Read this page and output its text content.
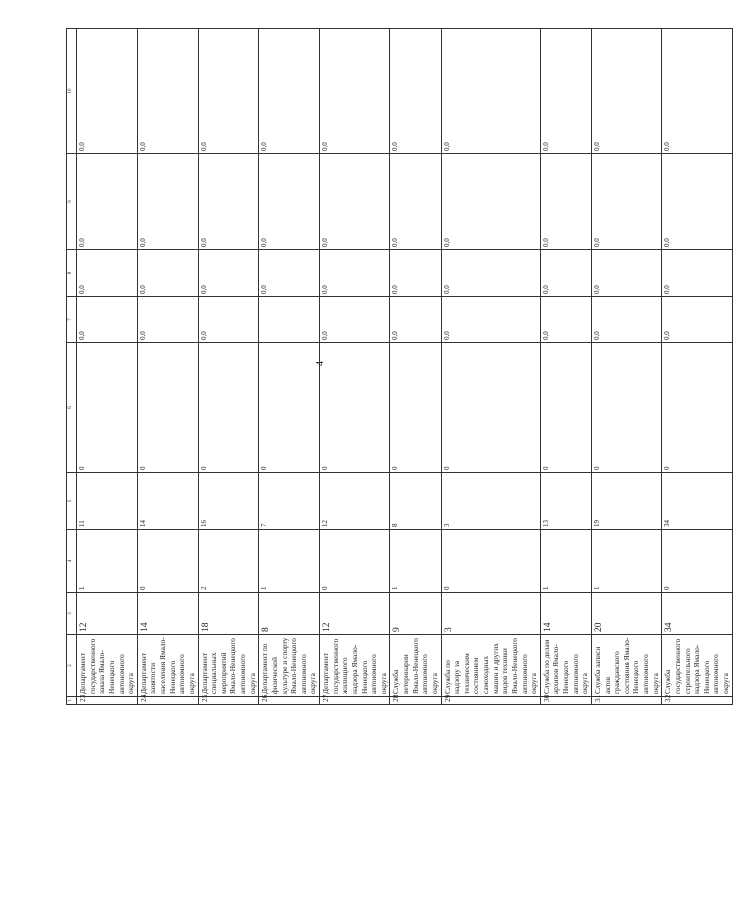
4
1	2	3	4	5	6	7	8	9	10
23	Департамент государственного заказа Ямало-Ненецкого автономного округа	12	1	11	0	0,0	0,0	0,0	0,0
24	Департамент занятости населения Ямало-Ненецкого автономного округа	14	0	14	0	0,0	0,0	0,0	0,0
25	Департамент специальных мероприятий Ямало-Ненецкого автономного округа	18	2	16	0	0,0	0,0	0,0	0,0
26	Департамент по физической культуре и спорту Ямало-Ненецкого автономного округа	8	1	7	0		0,0	0,0	0,0
27	Департамент государственного жилищного надзора Ямало-Ненецкого автономного округа	12	0	12	0	0,0	0,0	0,0	0,0
28	Служба ветеринарии Ямало-Ненецкого автономного округа	9	1	8	0	0,0	0,0	0,0	0,0
29	Служба по надзору за техническим состоянием самоходных машин и других видов техники Ямало-Ненецкого автономного округа	3	0	3	0	0,0	0,0	0,0	0,0
30	Служба по делам архивов Ямало-Ненецкого автономного округа	14	1	13	0	0,0	0,0	0,0	0,0
31	Служба записи актов гражданского состояния Ямало-Ненецкого автономного округа	20	1	19	0	0,0	0,0	0,0	0,0
32	Служба государственного строительного надзора Ямало-Ненецкого автономного округа	34	0	34	0	0,0	0,0	0,0	0,0
